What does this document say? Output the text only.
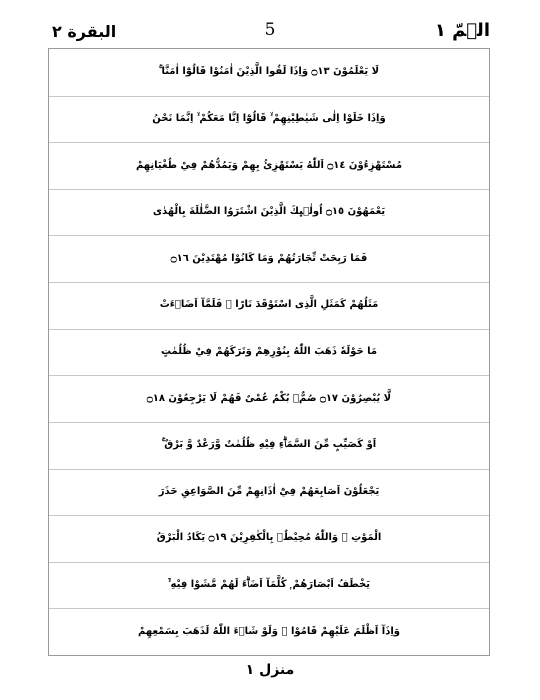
البقرة ٢	5	الۗمّ ١
لَا يَعْلَمُوْنَ ۝١٣ وَاِذَا لَقُوا الَّذِيْنَ اٰمَنُوْا قَالُوْٓا اٰمَنَّا ۚ
وَاِذَا خَلَوْا اِلٰى شَيٰطِيْنِهِمْ ۙ قَالُوْٓا اِنَّا مَعَكُمْ ۙ اِنَّمَا نَحْنُ
مُسْتَهْزِءُوْنَ ۝١٤ اَللّٰهُ يَسْتَهْزِئُ بِهِمْ وَيَمُدُّهُمْ فِيْ طُغْيَانِهِمْ
يَعْمَهُوْنَ ۝١٥ اُولٰۗىِٕكَ الَّذِيْنَ اشْتَرَوُا الضَّلٰلَةَ بِالْهُدٰى
فَمَا رَبِحَتْ تِّجَارَتُهُمْ وَمَا كَانُوْا مُهْتَدِيْنَ ۝١٦
مَثَلُهُمْ كَمَثَلِ الَّذِى اسْتَوْقَدَ نَارًا ۚ فَلَمَّآ اَضَاۗءَتْ
مَا حَوْلَهٗ ذَهَبَ اللّٰهُ بِنُوْرِهِمْ وَتَرَكَهُمْ فِيْ ظُلُمٰتٍ
لَّا يُبْصِرُوْنَ ۝١٧ صُمٌّۢ بُكْمٌ عُمْىٌ فَهُمْ لَا يَرْجِعُوْنَ ۝١٨
اَوْ كَصَيِّبٍ مِّنَ السَّمَاۗءِ فِيْهِ ظُلُمٰتٌ وَّرَعْدٌ وَّ بَرْقٌ ۚ
يَجْعَلُوْنَ اَصَابِعَهُمْ فِيْٓ اٰذَانِهِمْ مِّنَ الصَّوَاعِقِ حَذَرَ
الْمَوْتِ ۭ وَاللّٰهُ مُحِيْطٌۢ بِالْكٰفِرِيْنَ ۝١٩ يَكَادُ الْبَرْقُ
يَخْطَفُ اَبْصَارَھُمْ ۭ كُلَّمَآ اَضَاۗءَ لَهُمْ مَّشَوْا فِيْهِ ۤۙ
وَاِذَآ اَظْلَمَ عَلَيْهِمْ قَامُوْا ۭ وَلَوْ شَاۗءَ اللّٰهُ لَذَهَبَ بِسَمْعِهِمْ
منزل ١
